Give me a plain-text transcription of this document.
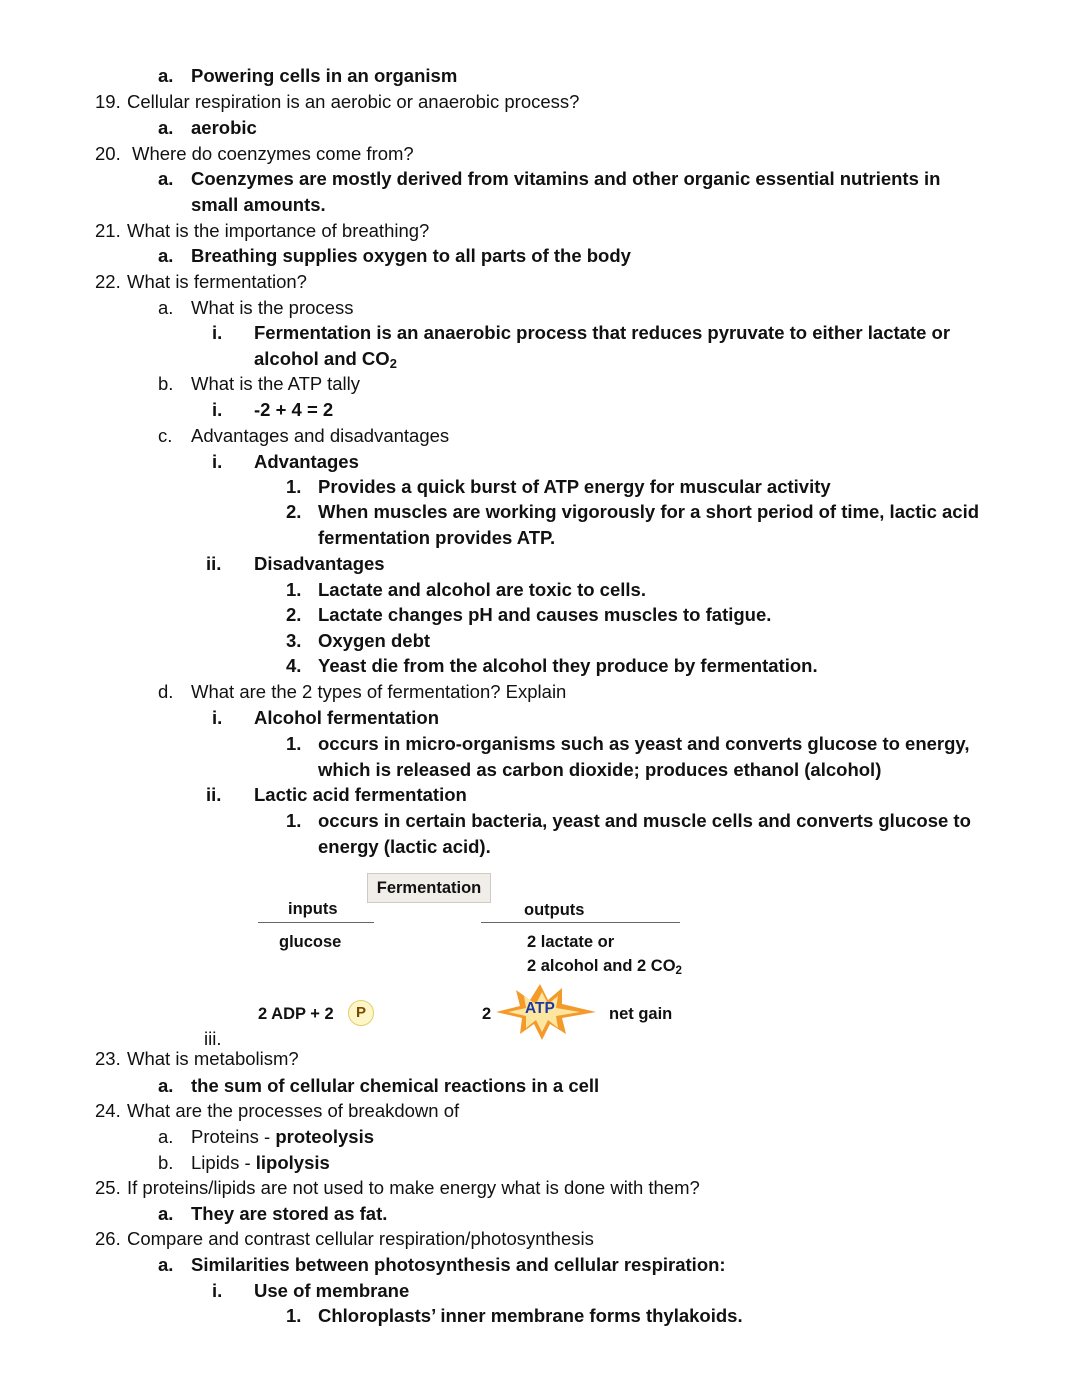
a. Powering cells in an organism
19. Cellular respiration is an aerobic or anaerobic process?
a. aerobic
20. Where do coenzymes come from?
a. Coenzymes are mostly derived from vitamins and other organic essential nutrients in
small amounts.
21. What is the importance of breathing?
a. Breathing supplies oxygen to all parts of the body
22. What is fermentation?
a. What is the process
i. Fermentation is an anaerobic process that reduces pyruvate to either lactate or
alcohol and $CO_2$
b. What is the ATP tally
i. -2 + 4 = 2
c. Advantages and disadvantages
i. Advantages
1. Provides a quick burst of ATP energy for muscular activity
2. When muscles are working vigorously for a short period of time, lactic acid
fermentation provides ATP.
ii. Disadvantages
1. Lactate and alcohol are toxic to cells.
2. Lactate changes pH and causes muscles to fatigue.
3. Oxygen debt
4. Yeast die from the alcohol they produce by fermentation.
d. What are the 2 types of fermentation? Explain
i. Alcohol fermentation
1. occurs in micro-organisms such as yeast and converts glucose to energy,
which is released as carbon dioxide; produces ethanol (alcohol)
ii. Lactic acid fermentation
1. occurs in certain bacteria, yeast and muscle cells and converts glucose to
energy (lactic acid).
Fermentation
inputs	outputs
glucose	2 lactate or
2 alcohol and 2 $CO_2$
2 ADP + 2	P	2 ATP	net gain
iii.
23. What is metabolism?
a. the sum of cellular chemical reactions in a cell
24. What are the processes of breakdown of
a. Proteins - proteolysis
b. Lipids - lipolysis
25. If proteins/lipids are not used to make energy what is done with them?
a. They are stored as fat.
26. Compare and contrast cellular respiration/photosynthesis
a. Similarities between photosynthesis and cellular respiration:
i. Use of membrane
1. Chloroplasts’ inner membrane forms thylakoids.
